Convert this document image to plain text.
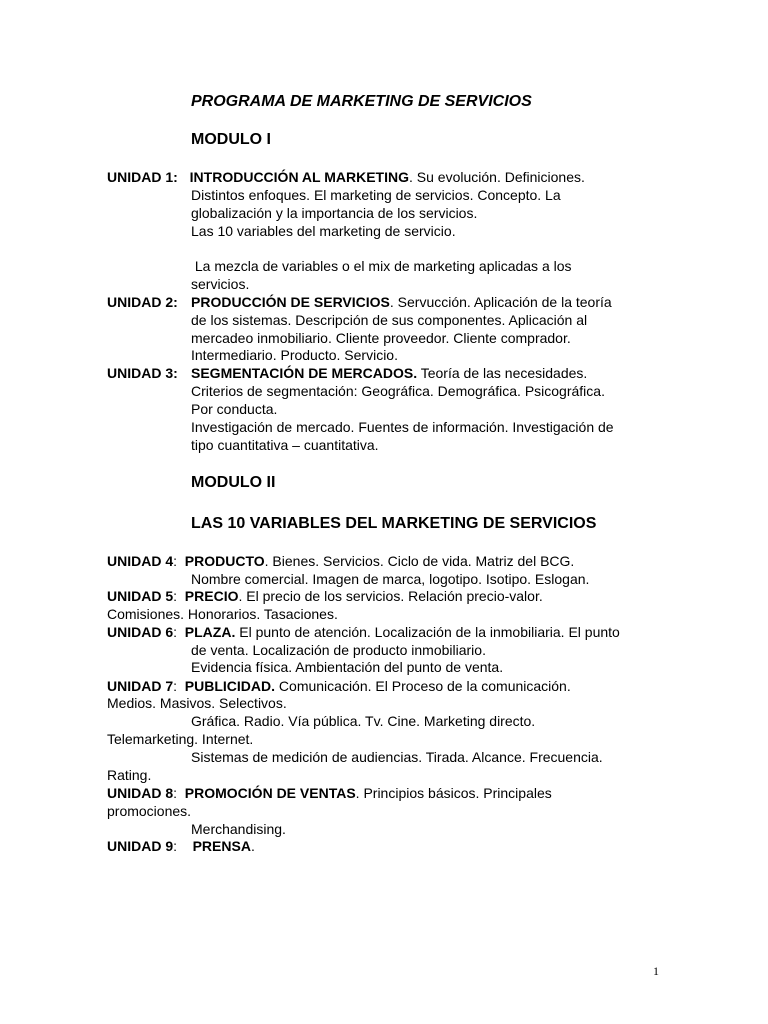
PROGRAMA DE MARKETING DE SERVICIOS
MODULO I
UNIDAD 1: INTRODUCCIÓN AL MARKETING. Su evolución. Definiciones.
Distintos enfoques. El marketing de servicios. Concepto. La
globalización y la importancia de los servicios.
Las 10 variables del marketing de servicio.
La mezcla de variables o el mix de marketing aplicadas a los
servicios.
UNIDAD 2: PRODUCCIÓN DE SERVICIOS. Servucción. Aplicación de la teoría
de los sistemas. Descripción de sus componentes. Aplicación al
mercadeo inmobiliario. Cliente proveedor. Cliente comprador.
Intermediario. Producto. Servicio.
UNIDAD 3: SEGMENTACIÓN DE MERCADOS. Teoría de las necesidades.
Criterios de segmentación: Geográfica. Demográfica. Psicográfica.
Por conducta.
Investigación de mercado. Fuentes de información. Investigación de
tipo cuantitativa – cuantitativa.
MODULO II
LAS 10 VARIABLES DEL MARKETING DE SERVICIOS
UNIDAD 4:  PRODUCTO. Bienes. Servicios. Ciclo de vida. Matriz del BCG.
Nombre comercial. Imagen de marca, logotipo. Isotipo. Eslogan.
UNIDAD 5:  PRECIO. El precio de los servicios. Relación precio-valor.
Comisiones. Honorarios. Tasaciones.
UNIDAD 6:  PLAZA. El punto de atención. Localización de la inmobiliaria. El punto
de venta. Localización de producto inmobiliario.
Evidencia física. Ambientación del punto de venta.
UNIDAD 7:  PUBLICIDAD. Comunicación. El Proceso de la comunicación.
Medios. Masivos. Selectivos.
Gráfica. Radio. Vía pública. Tv. Cine. Marketing directo.
Telemarketing. Internet.
Sistemas de medición de audiencias. Tirada. Alcance. Frecuencia.
Rating.
UNIDAD 8:  PROMOCIÓN DE VENTAS. Principios básicos. Principales
promociones.
Merchandising.
UNIDAD 9:    PRENSA.
1
